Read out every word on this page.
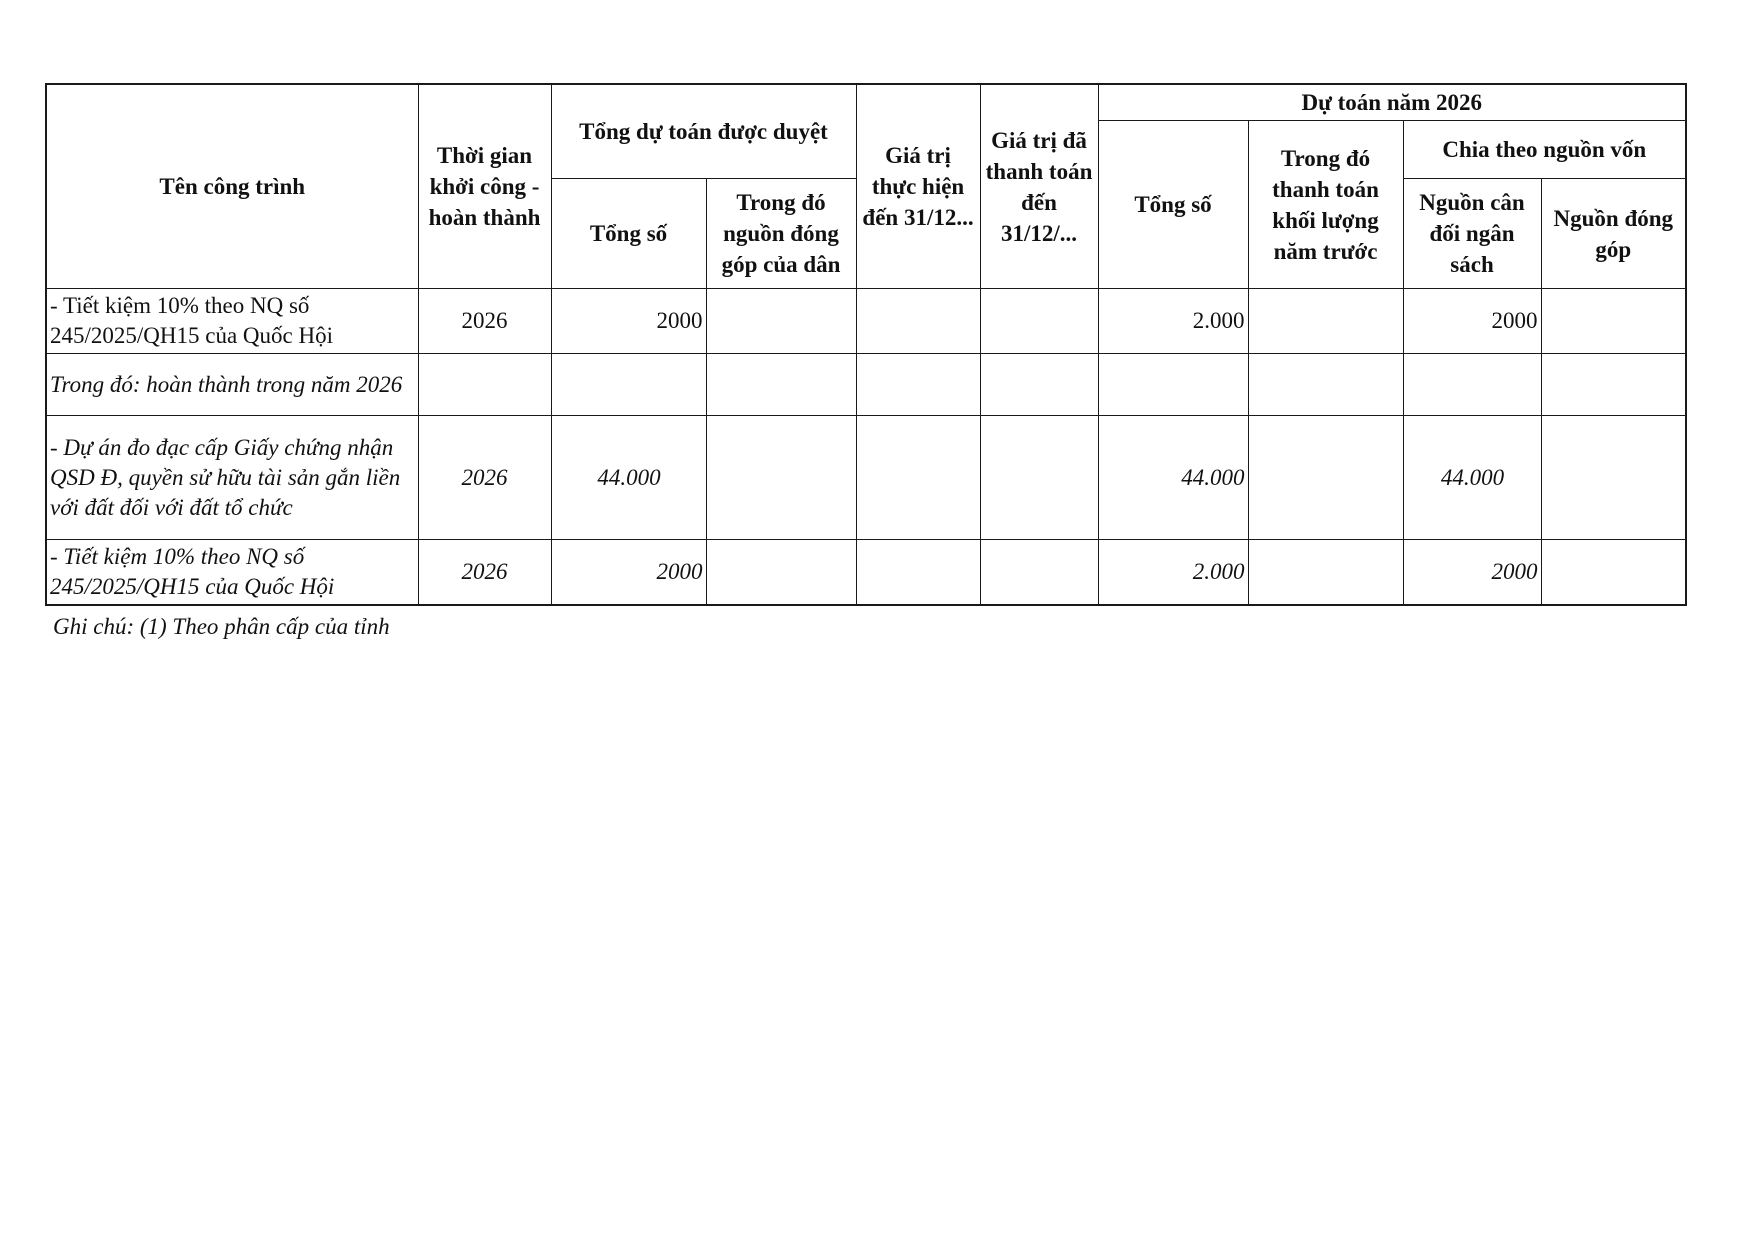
Tên công trình	Thời gian khởi công - hoàn thành	Tổng dự toán được duyệt		Giá trị thực hiện đến 31/12...	Giá trị đã thanh toán đến 31/12/...	Dự toán năm 2026			
						Tổng số	Trong đó thanh toán khối lượng năm trước	Chia theo nguồn vốn	
		Tổng số	Trong đó nguồn đóng góp của dân					Nguồn cân đối ngân sách	Nguồn đóng góp
- Tiết kiệm 10% theo NQ số 245/2025/QH15 của Quốc Hội	2026	2000				2.000		2000	
Trong đó: hoàn thành trong năm 2026									
- Dự án đo đạc cấp Giấy chứng nhận QSD Đ, quyền sử hữu tài sản gắn liền với đất đối với đất tổ chức	2026	44.000				44.000		44.000	
- Tiết kiệm 10% theo NQ số 245/2025/QH15 của Quốc Hội	2026	2000				2.000		2000	
Ghi chú: (1) Theo phân cấp của tỉnh
